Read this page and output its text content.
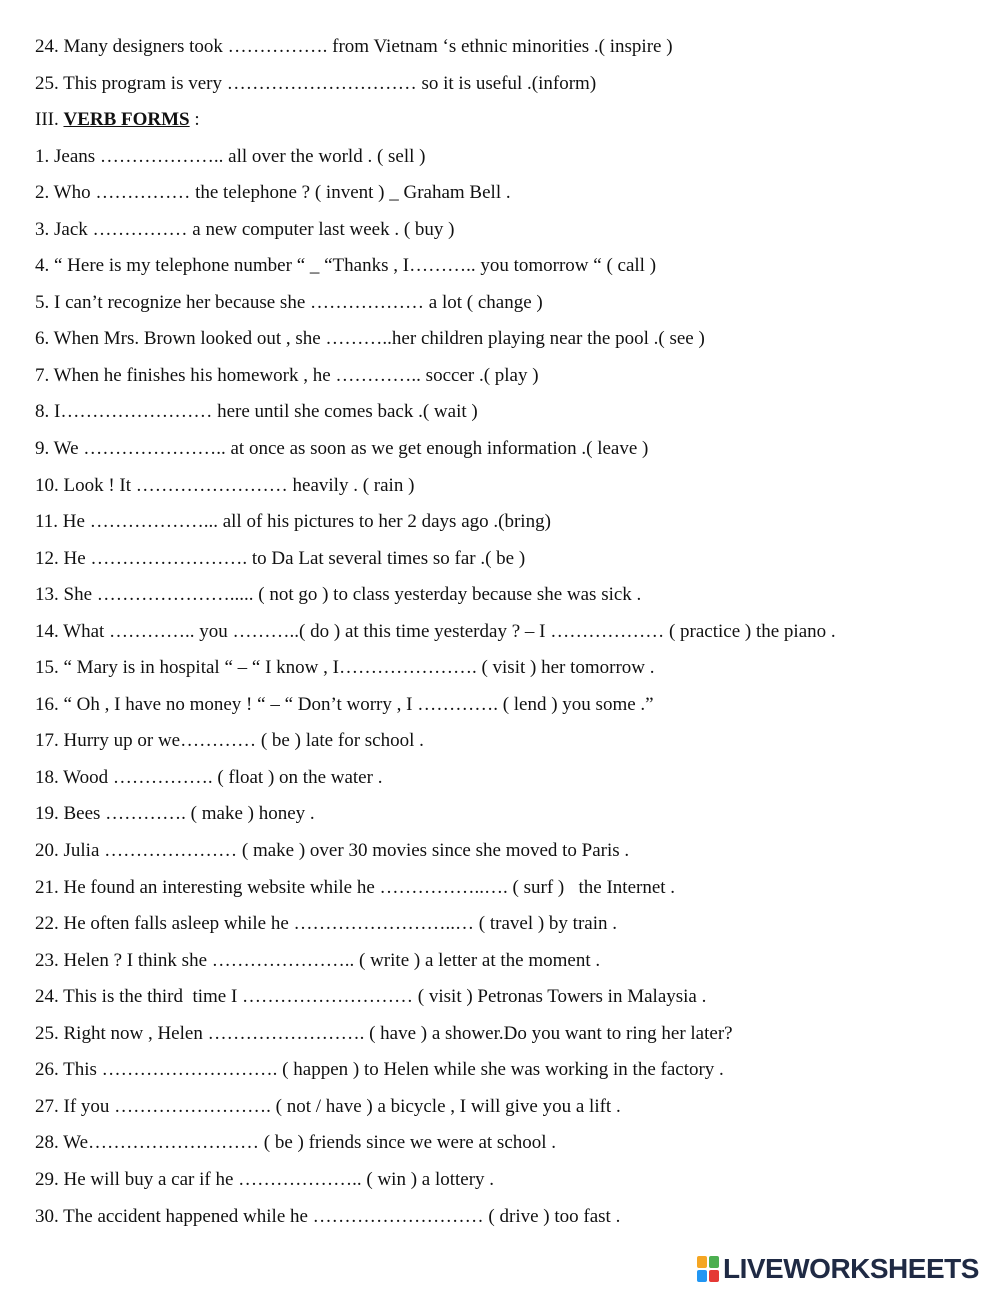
24. Many designers took ……………. from Vietnam ‘s ethnic minorities .( inspire )
25. This program is very ………………………… so it is useful .(inform)
III. VERB FORMS :
1. Jeans ……………….. all over the world . ( sell )
2. Who …………… the telephone ? ( invent ) _ Graham Bell .
3. Jack …………… a new computer last week . ( buy )
4. “ Here is my telephone number “ _ “Thanks , I……….. you tomorrow “ ( call )
5. I can’t recognize her because she ……………… a lot ( change )
6. When Mrs. Brown looked out , she ………..her children playing near the pool .( see )
7. When he finishes his homework , he ………….. soccer .( play )
8. I…………………… here until she comes back .( wait )
9. We ………………….. at once as soon as we get enough information .( leave )
10. Look ! It …………………… heavily . ( rain )
11. He ………………... all of his pictures to her 2 days ago .(bring)
12. He ……………………. to Da Lat several times so far .( be )
13. She …………………..... ( not go ) to class yesterday because she was sick .
14. What ………….. you ………..( do ) at this time yesterday ? – I ……………… ( practice ) the piano .
15. “ Mary is in hospital “ – “ I know , I…………………. ( visit ) her tomorrow .
16. “ Oh , I have no money ! “ – “ Don’t worry , I …………. ( lend ) you some .”
17. Hurry up or we………… ( be ) late for school .
18. Wood ……………. ( float ) on the water .
19. Bees …………. ( make ) honey .
20. Julia ………………… ( make ) over 30 movies since she moved to Paris .
21. He found an interesting website while he ……………..…. ( surf )   the Internet .
22. He often falls asleep while he ……………………..… ( travel ) by train .
23. Helen ? I think she ………………….. ( write ) a letter at the moment .
24. This is the third  time I ……………………… ( visit ) Petronas Towers in Malaysia .
25. Right now , Helen ……………………. ( have ) a shower.Do you want to ring her later?
26. This ………………………. ( happen ) to Helen while she was working in the factory .
27. If you ……………………. ( not / have ) a bicycle , I will give you a lift .
28. We……………………… ( be ) friends since we were at school .
29. He will buy a car if he ……………….. ( win ) a lottery .
30. The accident happened while he ……………………… ( drive ) too fast .
LIVEWORKSHEETS
